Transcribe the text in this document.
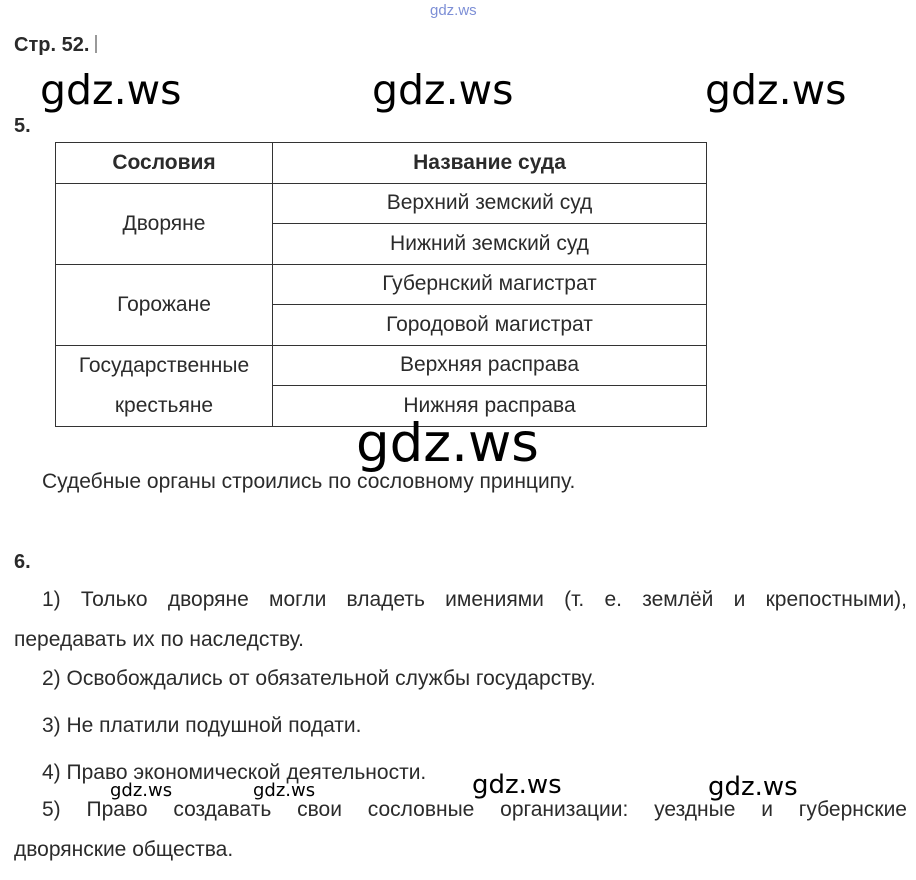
gdz.ws
Стр. 52.
gdz.ws	gdz.ws	gdz.ws
5.
Сословия	Название суда
Дворяне	Верхний земский суд
	Нижний земский суд
Горожане	Губернский магистрат
	Городовой магистрат

Государственные
крестьяне	Верхняя расправа
	Нижняя расправа
gdz.ws
Судебные органы строились по сословному принципу.
6.
1) Только дворяне могли владеть имениями (т. е. землёй и крепостными),
передавать их по наследству.
2) Освобождались от обязательной службы государству.
3) Не платили подушной подати.
4) Право экономической деятельности. gdz.ws	gdz.ws
gdz.ws	gdz.ws
5) Право создавать свои сословные организации: уездные и губернские
дворянские общества.
